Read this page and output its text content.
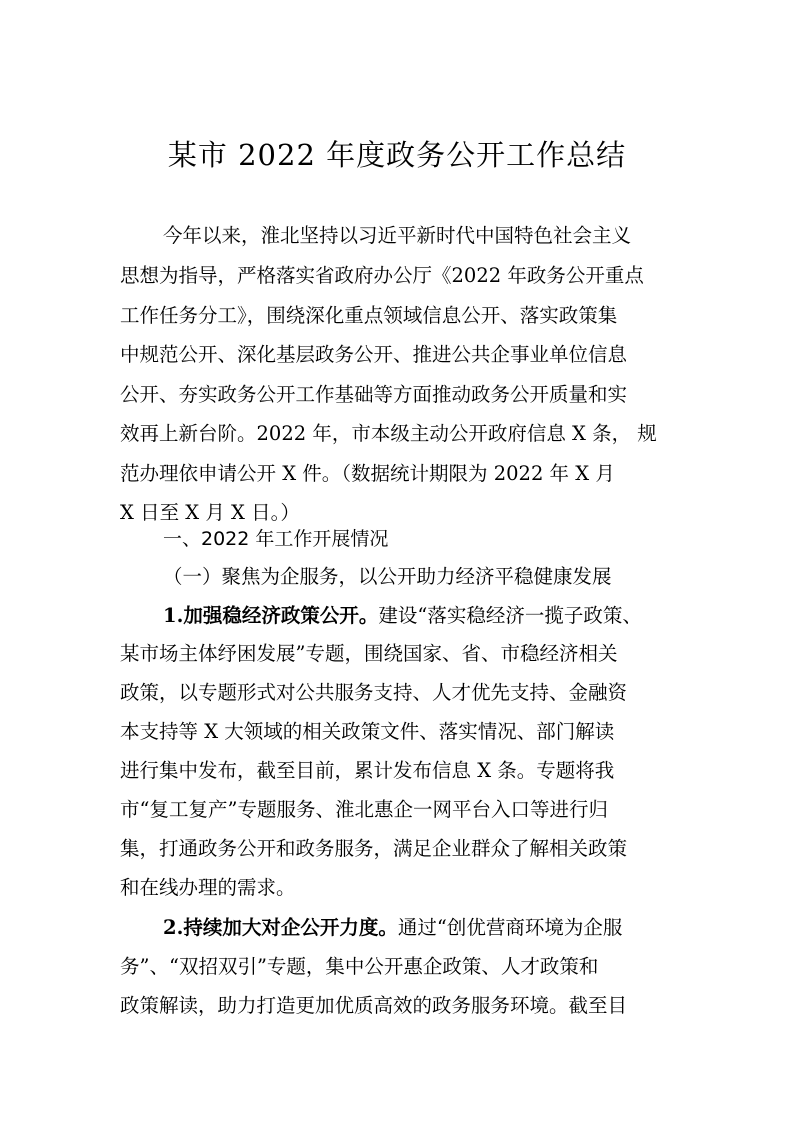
某市 2022 年度政务公开工作总结
今年以来，淮北坚持以习近平新时代中国特色社会主义
思想为指导，严格落实省政府办公厅《2022 年政务公开重点
工作任务分工》，围绕深化重点领域信息公开、落实政策集
中规范公开、深化基层政务公开、推进公共企事业单位信息
公开、夯实政务公开工作基础等方面推动政务公开质量和实
效再上新台阶。2022 年，市本级主动公开政府信息 X 条， 规
范办理依申请公开 X 件。（数据统计期限为 2022 年 X 月
X 日至 X 月 X 日。）
一、2022 年工作开展情况
（一）聚焦为企服务，以公开助力经济平稳健康发展
1.加强稳经济政策公开。建设“落实稳经济一揽子政策、
某市场主体纾困发展”专题，围绕国家、省、市稳经济相关
政策，以专题形式对公共服务支持、人才优先支持、金融资
本支持等 X 大领域的相关政策文件、落实情况、部门解读
进行集中发布，截至目前，累计发布信息 X 条。专题将我
市“复工复产”专题服务、淮北惠企一网平台入口等进行归
集，打通政务公开和政务服务，满足企业群众了解相关政策
和在线办理的需求。
2.持续加大对企公开力度。通过“创优营商环境为企服
务”、“双招双引”专题，集中公开惠企政策、人才政策和
政策解读，助力打造更加优质高效的政务服务环境。截至目
